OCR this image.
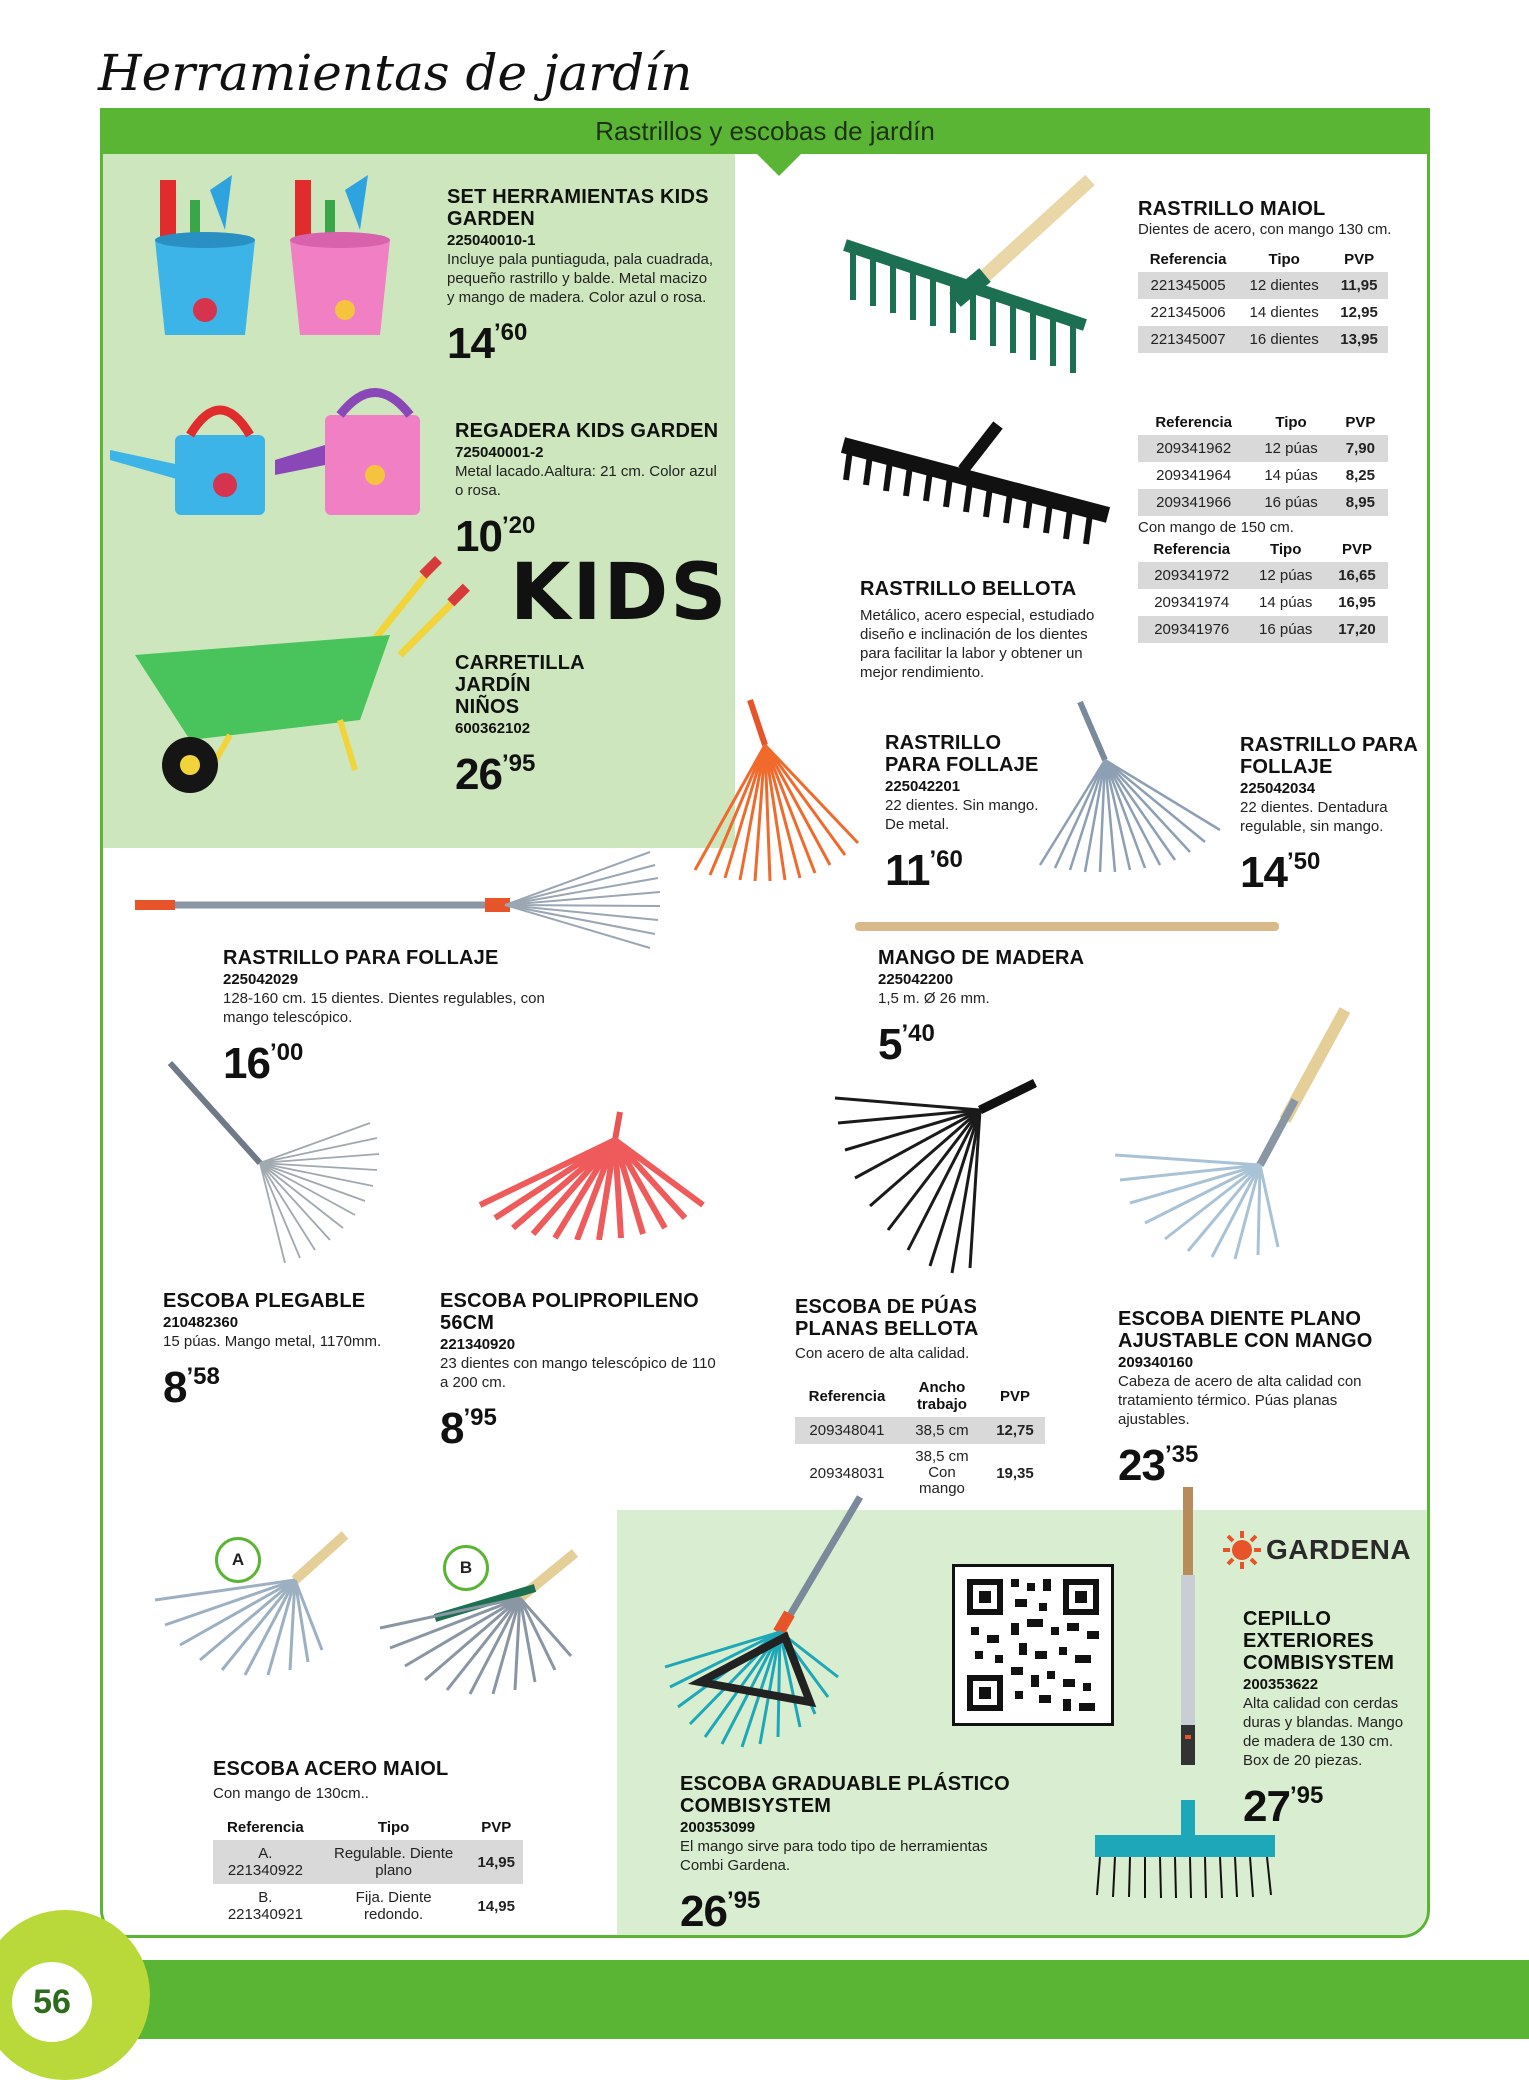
Rastrillos y escobas de jardín
Herramientas de jardín
SET HERRAMIENTAS KIDS GARDEN
225040010-1
Incluye pala puntiaguda, pala cuadrada, pequeño rastrillo y balde. Metal macizo y mango de madera. Color azul o rosa.
$14^{’60}$
REGADERA KIDS GARDEN
725040001-2
Metal lacado.Aaltura: 21 cm. Color azul o rosa.
$10^{’20}$
KIDS
CARRETILLA JARDÍN NIÑOS
600362102
$26^{’95}$
RASTRILLO MAIOL
Dientes de acero, con mango 130 cm.
Referencia	Tipo	PVP
221345005	12 dientes	11,95
221345006	14 dientes	12,95
221345007	16 dientes	13,95
RASTRILLO BELLOTA
Metálico, acero especial, estudiado diseño e inclinación de los dientes para facilitar la labor y obtener un mejor rendimiento.
Referencia	Tipo	PVP
209341962	12 púas	7,90
209341964	14 púas	8,25
209341966	16 púas	8,95
Con mango de 150 cm.
Referencia	Tipo	PVP
209341972	12 púas	16,65
209341974	14 púas	16,95
209341976	16 púas	17,20
RASTRILLO PARA FOLLAJE
225042201
22 dientes. Sin mango. De metal.
$11^{’60}$
RASTRILLO PARA FOLLAJE
225042034
22 dientes. Dentadura regulable, sin mango.
$14^{’50}$
RASTRILLO PARA FOLLAJE
225042029
128-160 cm. 15 dientes. Dientes regulables, con mango telescópico.
$16^{’00}$
MANGO DE MADERA
225042200
1,5 m. Ø 26 mm.
$5^{’40}$
ESCOBA PLEGABLE
210482360
15 púas. Mango metal, 1170mm.
$8^{’58}$
ESCOBA POLIPROPILENO 56CM
221340920
23 dientes con mango telescópico de 110 a 200 cm.
$8^{’95}$
ESCOBA DE PÚAS PLANAS BELLOTA
Con acero de alta calidad.
Referencia	Ancho trabajo	PVP
209348041	38,5 cm	12,75
209348031	38,5 cm Con mango	19,35
ESCOBA DIENTE PLANO AJUSTABLE CON MANGO
209340160
Cabeza de acero de alta calidad con tratamiento térmico. Púas planas ajustables.
$23^{’35}$
A	B
ESCOBA ACERO MAIOL
Con mango de 130cm..
Referencia	Tipo	PVP
A. 221340922	Regulable. Diente plano	14,95
B. 221340921	Fija. Diente redondo.	14,95
ESCOBA GRADUABLE PLÁSTICO COMBISYSTEM
200353099
El mango sirve para todo tipo de herramientas Combi Gardena.
$26^{’95}$
GARDENA
CEPILLO EXTERIORES COMBISYSTEM
200353622
Alta calidad con cerdas duras y blandas. Mango de madera de 130 cm. Box de 20 piezas.
$27^{’95}$
56
